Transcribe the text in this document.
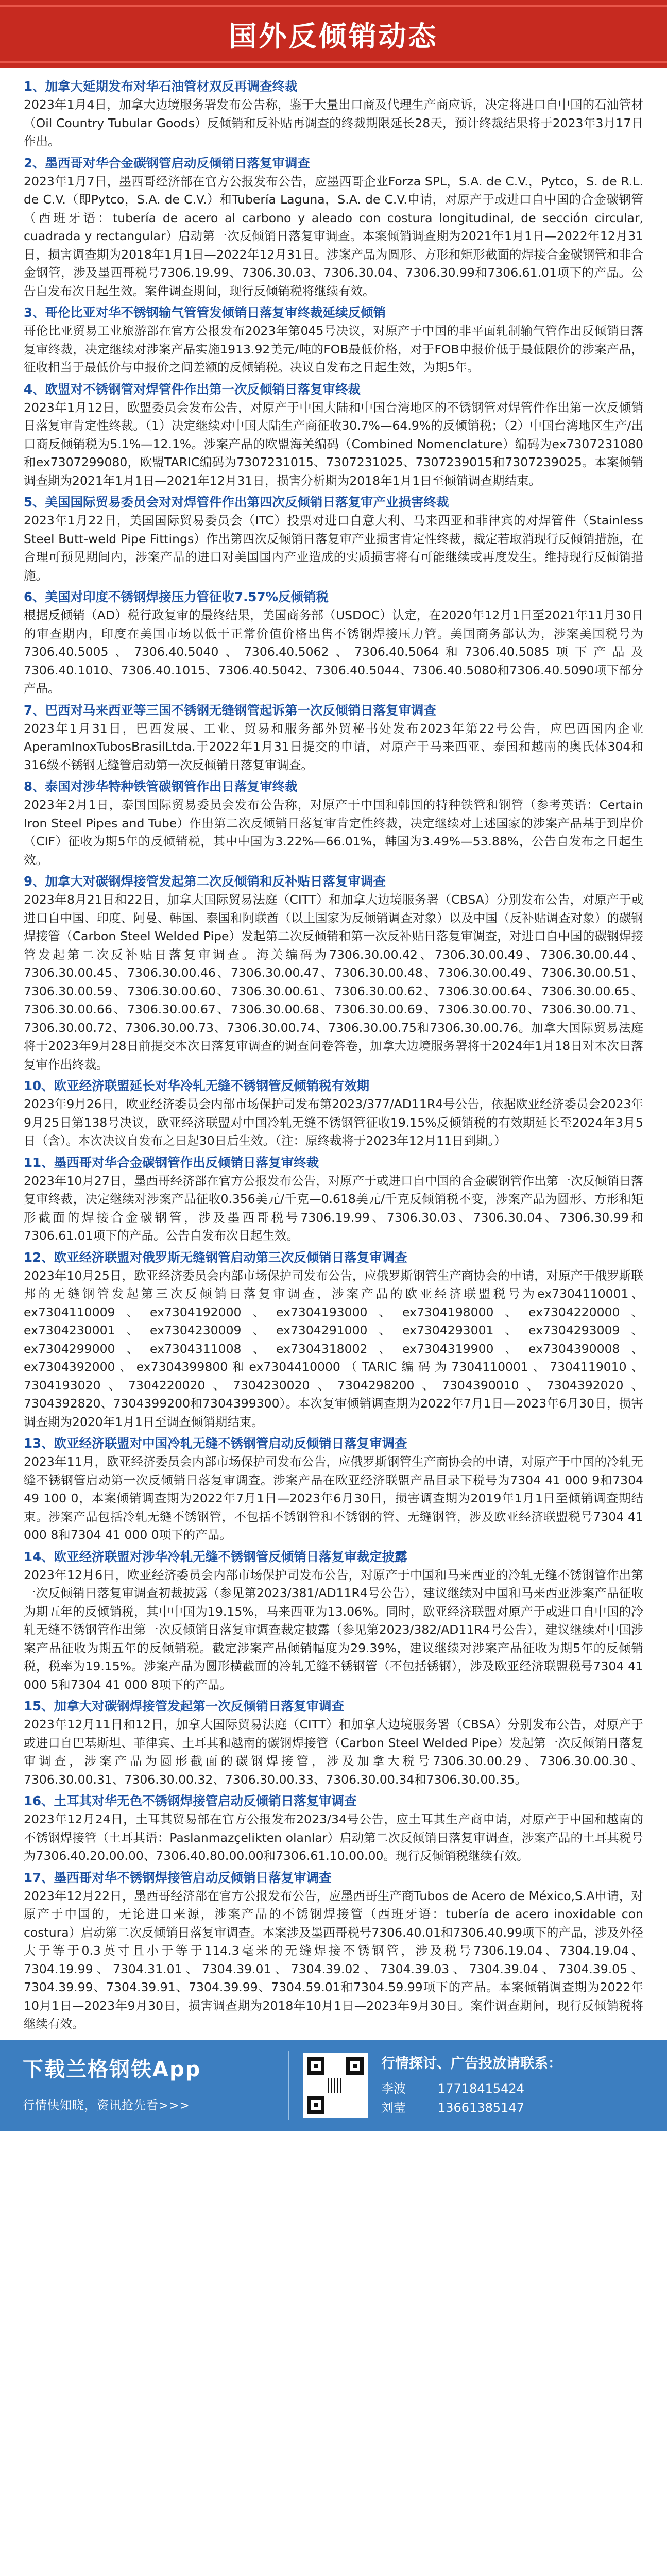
国外反倾销动态
1、加拿大延期发布对华石油管材双反再调查终裁

2023年1月4日，加拿大边境服务署发布公告称，鉴于大量出口商及代理生产商应诉，决定将进口自中国的石油管材（Oil Country Tubular Goods）反倾销和反补贴再调查的终裁期限延长28天，预计终裁结果将于2023年3月17日作出。

2、墨西哥对华合金碳钢管启动反倾销日落复审调查

2023年1月7日，墨西哥经济部在官方公报发布公告，应墨西哥企业Forza SPL，S.A. de C.V.，Pytco，S. de R.L. de C.V.（即Pytco，S.A. de C.V.）和Tubería Laguna，S.A. de C.V.申请，对原产于或进口自中国的合金碳钢管（西班牙语：tubería de acero al carbono y aleado con costura longitudinal, de sección circular, cuadrada y rectangular）启动第一次反倾销日落复审调查。本案倾销调查期为2021年1月1日—2022年12月31日，损害调查期为2018年1月1日—2022年12月31日。涉案产品为圆形、方形和矩形截面的焊接合金碳钢管和非合金钢管，涉及墨西哥税号7306.19.99、7306.30.03、7306.30.04、7306.30.99和7306.61.01项下的产品。公告自发布次日起生效。案件调查期间，现行反倾销税将继续有效。

3、哥伦比亚对华不锈钢输气管管发倾销日落复审终裁延续反倾销

哥伦比亚贸易工业旅游部在官方公报发布2023年第045号决议，对原产于中国的非平面轧制输气管作出反倾销日落复审终裁，决定继续对涉案产品实施1913.92美元/吨的FOB最低价格，对于FOB申报价低于最低限价的涉案产品，征收相当于最低价与申报价之间差额的反倾销税。决议自发布之日起生效，为期5年。

4、欧盟对不锈钢管对焊管件作出第一次反倾销日落复审终裁

2023年1月12日，欧盟委员会发布公告，对原产于中国大陆和中国台湾地区的不锈钢管对焊管件作出第一次反倾销日落复审肯定性终裁。（1）决定继续对中国大陆生产商征收30.7%—64.9%的反倾销税；（2）中国台湾地区生产/出口商反倾销税为5.1%—12.1%。涉案产品的欧盟海关编码（Combined Nomenclature）编码为ex7307231080和ex7307299080，欧盟TARIC编码为7307231015、7307231025、7307239015和7307239025。本案倾销调查期为2021年1月1日—2021年12月31日，损害分析期为2018年1月1日至倾销调查期结束。

5、美国国际贸易委员会对对焊管件作出第四次反倾销日落复审产业损害终裁

2023年1月22日，美国国际贸易委员会（ITC）投票对进口自意大利、马来西亚和菲律宾的对焊管件（Stainless Steel Butt-weld Pipe Fittings）作出第四次反倾销日落复审产业损害肯定性终裁，裁定若取消现行反倾销措施，在合理可预见期间内，涉案产品的进口对美国国内产业造成的实质损害将有可能继续或再度发生。维持现行反倾销措施。

6、美国对印度不锈钢焊接压力管征收7.57%反倾销税

根据反倾销（AD）税行政复审的最终结果，美国商务部（USDOC）认定，在2020年12月1日至2021年11月30日的审查期内，印度在美国市场以低于正常价值价格出售不锈钢焊接压力管。美国商务部认为，涉案美国税号为7306.40.5005、7306.40.5040、7306.40.5062、7306.40.5064和7306.40.5085项下产品及7306.40.1010、7306.40.1015、7306.40.5042、7306.40.5044、7306.40.5080和7306.40.5090项下部分产品。

7、巴西对马来西亚等三国不锈钢无缝钢管起诉第一次反倾销日落复审调查

2023年1月31日，巴西发展、工业、贸易和服务部外贸秘书处发布2023年第22号公告，应巴西国内企业AperamInoxTubosBrasilLtda.于2022年1月31日提交的申请，对原产于马来西亚、泰国和越南的奥氏体304和316级不锈钢无缝管启动第一次反倾销日落复审调查。

8、泰国对涉华特种铁管碳钢管作出日落复审终裁

2023年2月1日，泰国国际贸易委员会发布公告称，对原产于中国和韩国的特种铁管和钢管（参考英语：Certain Iron Steel Pipes and Tube）作出第二次反倾销日落复审肯定性终裁，决定继续对上述国家的涉案产品基于到岸价（CIF）征收为期5年的反倾销税，其中中国为3.22%—66.01%，韩国为3.49%—53.88%，公告自发布之日起生效。

9、加拿大对碳钢焊接管发起第二次反倾销和反补贴日落复审调查

2023年8月21日和22日，加拿大国际贸易法庭（CITT）和加拿大边境服务署（CBSA）分别发布公告，对原产于或进口自中国、印度、阿曼、韩国、泰国和阿联酋（以上国家为反倾销调查对象）以及中国（反补贴调查对象）的碳钢焊接管（Carbon Steel Welded Pipe）发起第二次反倾销和第一次反补贴日落复审调查，对进口自中国的碳钢焊接管发起第二次反补贴日落复审调查。海关编码为7306.30.00.42、7306.30.00.49、7306.30.00.44、7306.30.00.45、7306.30.00.46、7306.30.00.47、7306.30.00.48、7306.30.00.49、7306.30.00.51、7306.30.00.59、7306.30.00.60、7306.30.00.61、7306.30.00.62、7306.30.00.64、7306.30.00.65、7306.30.00.66、7306.30.00.67、7306.30.00.68、7306.30.00.69、7306.30.00.70、7306.30.00.71、7306.30.00.72、7306.30.00.73、7306.30.00.74、7306.30.00.75和7306.30.00.76。加拿大国际贸易法庭将于2023年9月28日前提交本次日落复审调查的调查问卷答卷，加拿大边境服务署将于2024年1月18日对本次日落复审作出终裁。

10、欧亚经济联盟延长对华冷轧无缝不锈钢管反倾销税有效期

2023年9月26日，欧亚经济委员会内部市场保护司发布第2023/377/AD11R4号公告，依据欧亚经济委员会2023年9月25日第138号决议，欧亚经济联盟对中国冷轧无缝不锈钢管征收19.15%反倾销税的有效期延长至2024年3月5日（含）。本次决议自发布之日起30日后生效。（注：原终裁将于2023年12月11日到期。）

11、墨西哥对华合金碳钢管作出反倾销日落复审终裁

2023年10月27日，墨西哥经济部在官方公报发布公告，对原产于或进口自中国的合金碳钢管作出第一次反倾销日落复审终裁，决定继续对涉案产品征收0.356美元/千克—0.618美元/千克反倾销税不变，涉案产品为圆形、方形和矩形截面的焊接合金碳钢管，涉及墨西哥税号7306.19.99、7306.30.03、7306.30.04、7306.30.99和7306.61.01项下的产品。公告自发布次日起生效。

12、欧亚经济联盟对俄罗斯无缝钢管启动第三次反倾销日落复审调查

2023年10月25日，欧亚经济委员会内部市场保护司发布公告，应俄罗斯钢管生产商协会的申请，对原产于俄罗斯联邦的无缝钢管发起第三次反倾销日落复审调查，涉案产品的欧亚经济联盟税号为ex7304110001、ex7304110009、ex7304192000、ex7304193000、ex7304198000、ex7304220000、ex7304230001、ex7304230009、ex7304291000、ex7304293001、ex7304293009、ex7304299000、ex7304311008、ex7304318002、ex7304319900、ex7304390008、ex7304392000、ex7304399800和ex7304410000（TARIC编码为7304110001、7304119010、7304193020、7304220020、7304230020、7304298200、7304390010、7304392020、7304392820、7304399200和7304399300）。本次复审倾销调查期为2022年7月1日—2023年6月30日，损害调查期为2020年1月1日至调查倾销期结束。

13、欧亚经济联盟对中国冷轧无缝不锈钢管启动反倾销日落复审调查

2023年11月，欧亚经济委员会内部市场保护司发布公告，应俄罗斯钢管生产商协会的申请，对原产于中国的冷轧无缝不锈钢管启动第一次反倾销日落复审调查。涉案产品在欧亚经济联盟产品目录下税号为7304 41 000 9和7304 49 100 0，本案倾销调查期为2022年7月1日—2023年6月30日，损害调查期为2019年1月1日至倾销调查期结束。涉案产品包括冷轧无缝不锈钢管，不包括不锈钢管和不锈钢的管、无缝钢管，涉及欧亚经济联盟税号7304 41 000 8和7304 41 000 0项下的产品。

14、欧亚经济联盟对涉华冷轧无缝不锈钢管反倾销日落复审裁定披露

2023年12月6日，欧亚经济委员会内部市场保护司发布公告，对原产于中国和马来西亚的冷轧无缝不锈钢管作出第一次反倾销日落复审调查初裁披露（参见第2023/381/AD11R4号公告），建议继续对中国和马来西亚涉案产品征收为期五年的反倾销税，其中中国为19.15%，马来西亚为13.06%。同时，欧亚经济联盟对原产于或进口自中国的冷轧无缝不锈钢管作出第一次反倾销日落复审调查裁定披露（参见第2023/382/AD11R4号公告），建议继续对中国涉案产品征收为期五年的反倾销税。截定涉案产品倾销幅度为29.39%，建议继续对涉案产品征收为期5年的反倾销税，税率为19.15%。涉案产品为圆形横截面的冷轧无缝不锈钢管（不包括锈钢），涉及欧亚经济联盟税号7304 41 000 5和7304 41 000 8项下的产品。

15、加拿大对碳钢焊接管发起第一次反倾销日落复审调查

2023年12月11日和12日，加拿大国际贸易法庭（CITT）和加拿大边境服务署（CBSA）分别发布公告，对原产于或进口自巴基斯坦、菲律宾、土耳其和越南的碳钢焊接管（Carbon Steel Welded Pipe）发起第一次反倾销日落复审调查，涉案产品为圆形截面的碳钢焊接管，涉及加拿大税号7306.30.00.29、7306.30.00.30、7306.30.00.31、7306.30.00.32、7306.30.00.33、7306.30.00.34和7306.30.00.35。

16、土耳其对华无色不锈钢焊接管启动反倾销日落复审调查

2023年12月24日，土耳其贸易部在官方公报发布2023/34号公告，应土耳其生产商申请，对原产于中国和越南的不锈钢焊接管（土耳其语：Paslanmazçelikten olanlar）启动第二次反倾销日落复审调查，涉案产品的土耳其税号为7306.40.20.00.00、7306.40.80.00.00和7306.61.10.00.00。现行反倾销税继续有效。

17、墨西哥对华不锈钢焊接管启动反倾销日落复审调查

2023年12月22日，墨西哥经济部在官方公报发布公告，应墨西哥生产商Tubos de Acero de México,S.A申请，对原产于中国的，无论进口来源，涉案产品的不锈钢焊接管（西班牙语：tubería de acero inoxidable con costura）启动第二次反倾销日落复审调查。本案涉及墨西哥税号7306.40.01和7306.40.99项下的产品，涉及外径大于等于0.3英寸且小于等于114.3毫米的无缝焊接不锈钢管，涉及税号7306.19.04、7304.19.04、7304.19.99、7304.31.01、7304.39.01、7304.39.02、7304.39.03、7304.39.04、7304.39.05、7304.39.99、7304.39.91、7304.39.99、7304.59.01和7304.59.99项下的产品。本案倾销调查期为2022年10月1日—2023年9月30日，损害调查期为2018年10月1日—2023年9月30日。案件调查期间，现行反倾销税将继续有效。

下载兰格钢铁App
行情快知晓，资讯抢先看>>>
行情探讨、广告投放请联系：
李波	17718415424
刘莹	13661385147
